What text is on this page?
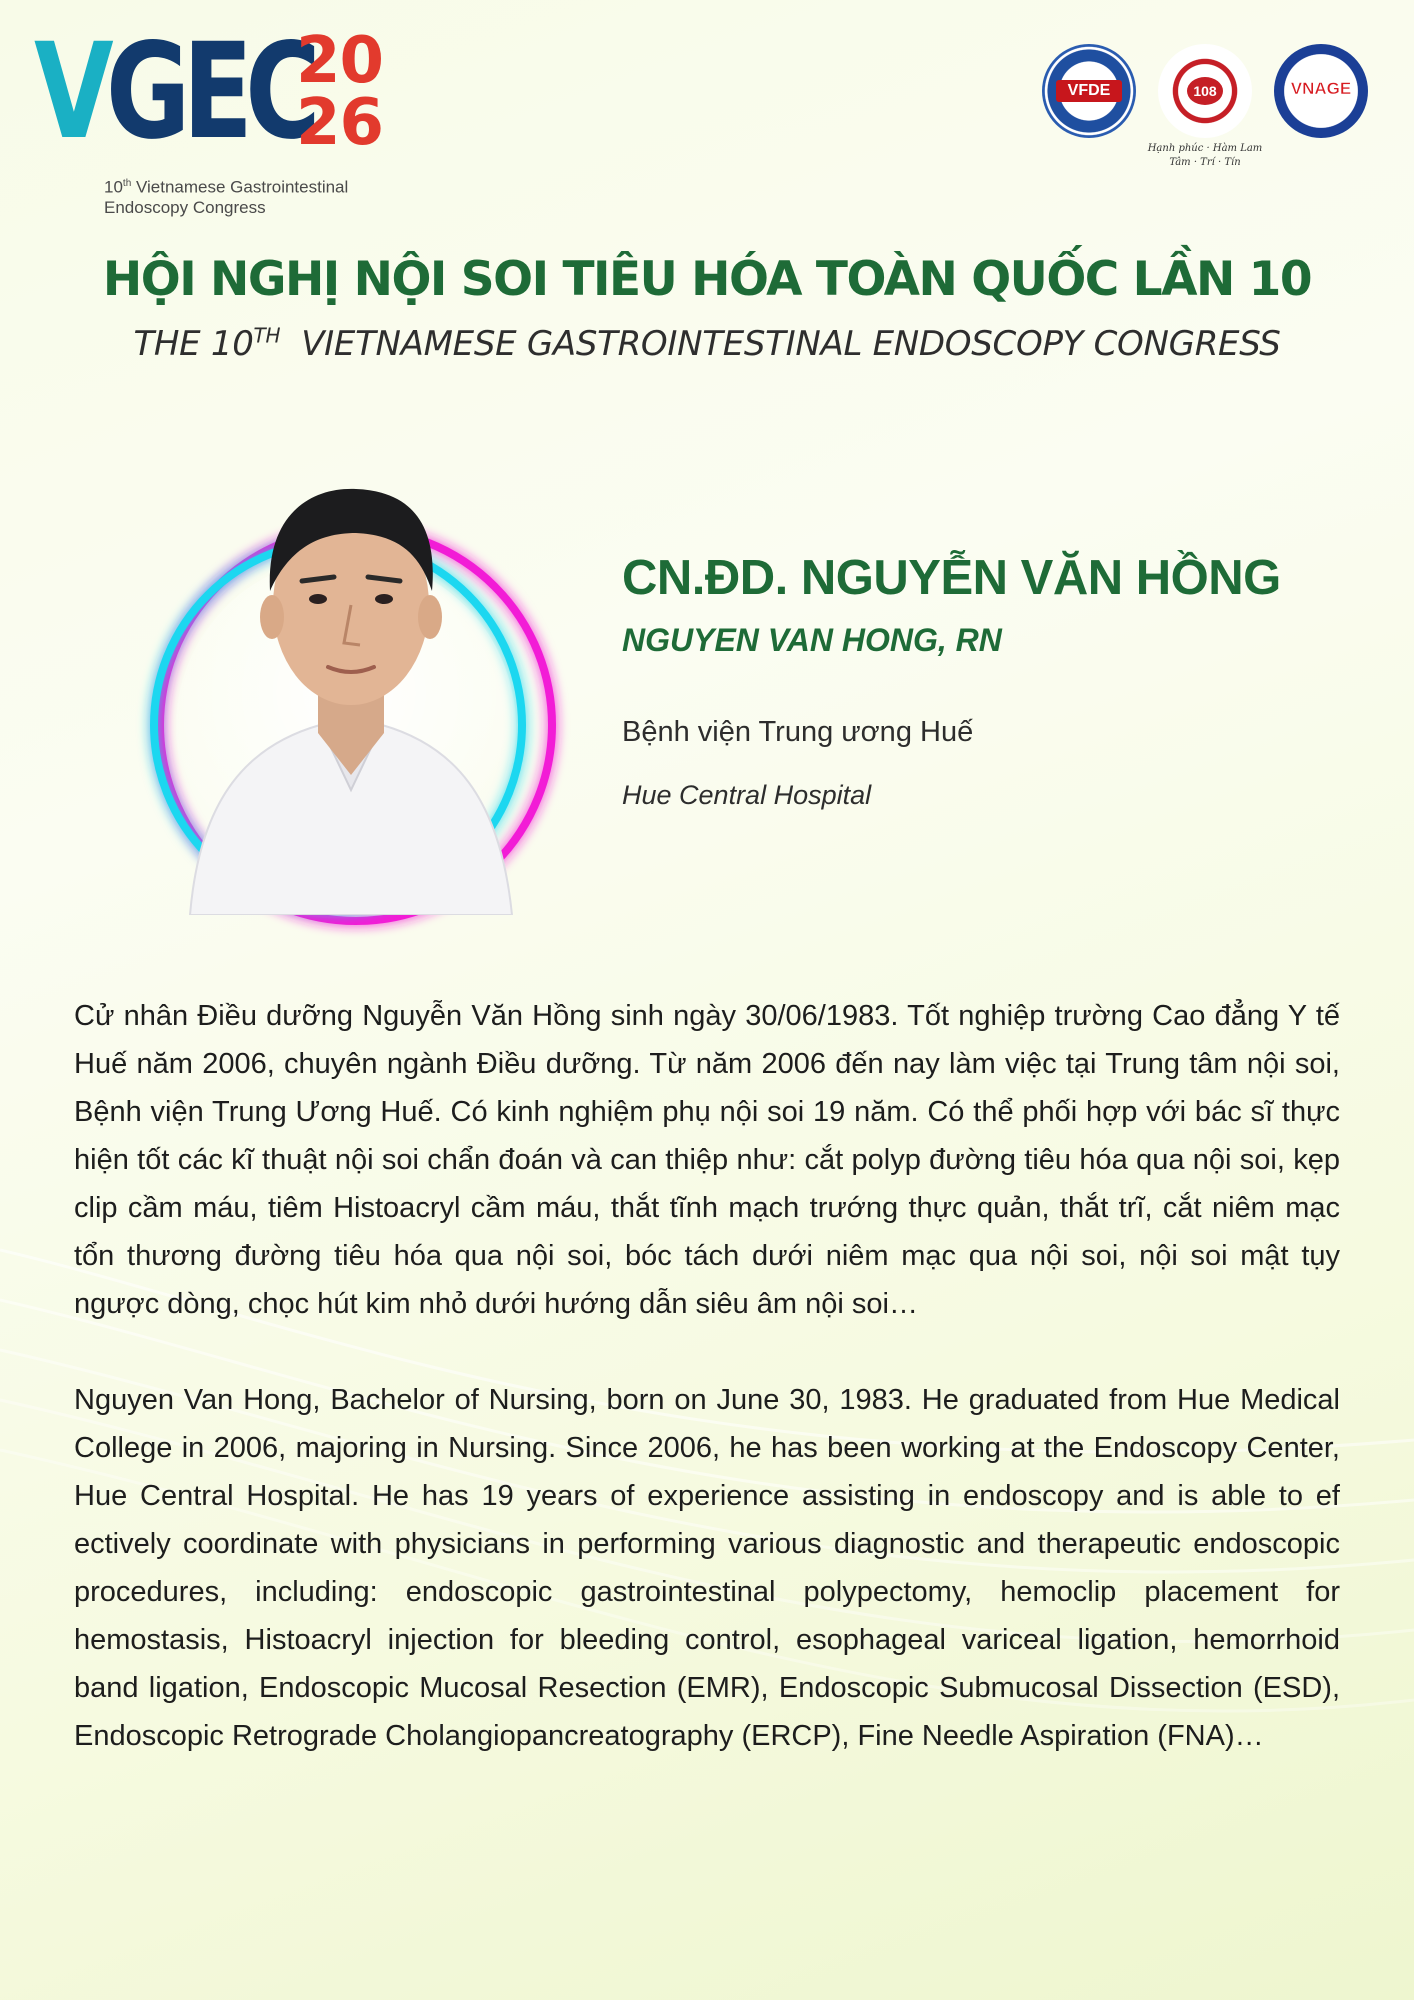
VGEC
20
26
10th Vietnamese Gastrointestinal
Endoscopy Congress
VFDE	108
Hạnh phúc · Hàm Lam Tâm · Trí · Tín
VNAGE
HỘI NGHỊ NỘI SOI TIÊU HÓA TOÀN QUỐC LẦN 10
THE 10TH  VIETNAMESE GASTROINTESTINAL ENDOSCOPY CONGRESS
CN.ĐD. NGUYỄN VĂN HỒNG
NGUYEN VAN HONG, RN
Bệnh viện Trung ương Huế
Hue Central Hospital
Cử nhân Điều dưỡng Nguyễn Văn Hồng sinh ngày 30/06/1983. Tốt nghiệp trường Cao đẳng Y tế Huế năm 2006, chuyên ngành Điều dưỡng. Từ năm 2006 đến nay làm việc tại Trung tâm nội soi, Bệnh viện Trung Ương Huế. Có kinh nghiệm phụ nội soi 19 năm. Có thể phối hợp với bác sĩ thực hiện tốt các kĩ thuật nội soi chẩn đoán và can thiệp như: cắt polyp đường tiêu hóa qua nội soi, kẹp clip cầm máu, tiêm Histoacryl cầm máu, thắt tĩnh mạch trướng thực quản, thắt trĩ, cắt niêm mạc tổn thương đường tiêu hóa qua nội soi, bóc tách dưới niêm mạc qua nội soi, nội soi mật tụy ngược dòng, chọc hút kim nhỏ dưới hướng dẫn siêu âm nội soi…
Nguyen Van Hong, Bachelor of Nursing, born on June 30, 1983. He graduated from Hue Medical College in 2006, majoring in Nursing. Since 2006, he has been working at the Endoscopy Center, Hue Central Hospital. He has 19 years of experience assisting in endoscopy and is able to ef ectively coordinate with physicians in performing various diagnostic and therapeutic endoscopic procedures, including: endoscopic gastrointestinal polypectomy, hemoclip placement for hemostasis, Histoacryl injection for bleeding control, esophageal variceal ligation, hemorrhoid band ligation, Endoscopic Mucosal Resection (EMR), Endoscopic Submucosal Dissection (ESD), Endoscopic Retrograde Cholangiopancreatography (ERCP), Fine Needle Aspiration (FNA)…
